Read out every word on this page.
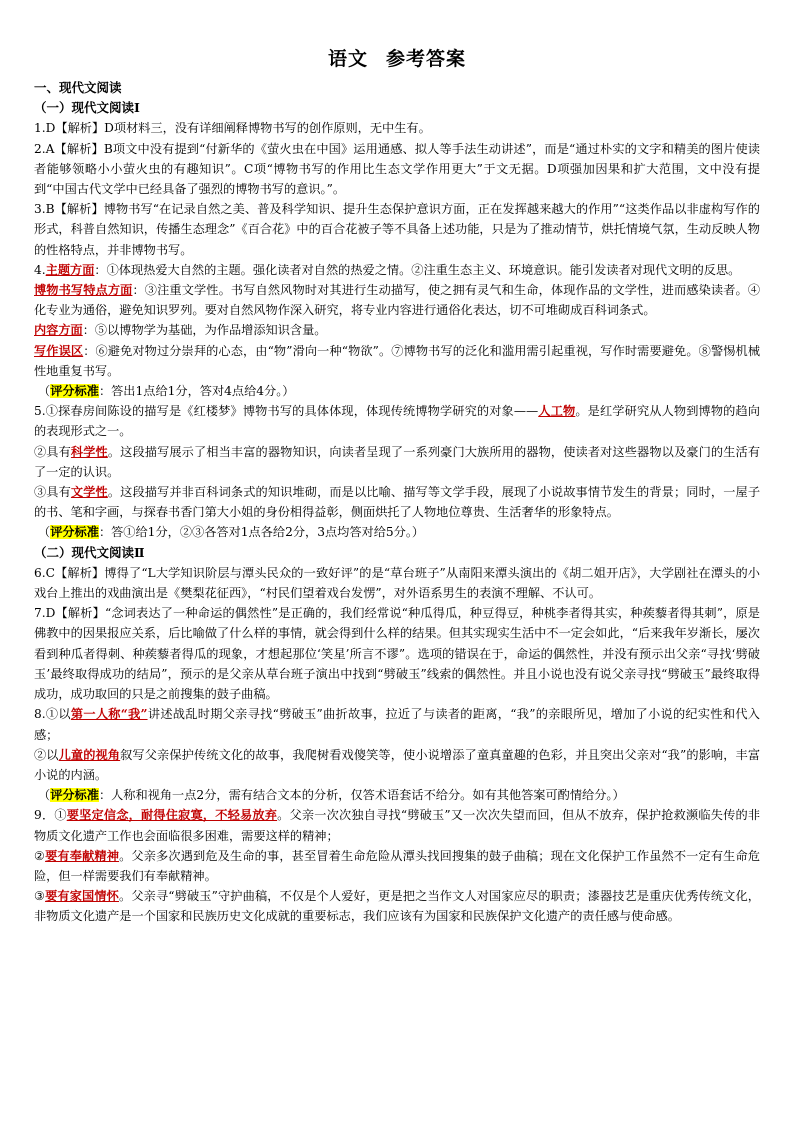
语文 参考答案

一、现代文阅读

（一）现代文阅读Ⅰ

1.D【解析】D项材料三，没有详细阐释博物书写的创作原则，无中生有。

2.A【解析】B项文中没有提到“付新华的《萤火虫在中国》运用通感、拟人等手法生动讲述”，而是“通过朴实的文字和精美的图片使读者能够领略小小萤火虫的有趣知识”。C项“博物书写的作用比生态文学作用更大”于文无据。D项强加因果和扩大范围，文中没有提到“中国古代文学中已经具备了强烈的博物书写的意识。”。

3.B【解析】博物书写“在记录自然之美、普及科学知识、提升生态保护意识方面，正在发挥越来越大的作用”“这类作品以非虚构写作的形式，科普自然知识，传播生态理念”《百合花》中的百合花被子等不具备上述功能，只是为了推动情节，烘托情境气氛，生动反映人物的性格特点，并非博物书写。

4.主题方面：①体现热爱大自然的主题。强化读者对自然的热爱之情。②注重生态主义、环境意识。能引发读者对现代文明的反思。

博物书写特点方面：③注重文学性。书写自然风物时对其进行生动描写，使之拥有灵气和生命，体现作品的文学性，进而感染读者。④化专业为通俗，避免知识罗列。要对自然风物作深入研究，将专业内容进行通俗化表达，切不可堆砌成百科词条式。

内容方面：⑤以博物学为基础，为作品增添知识含量。

写作误区：⑥避免对物过分崇拜的心态，由“物”滑向一种“物欲”。⑦博物书写的泛化和滥用需引起重视，写作时需要避免。⑧警惕机械性地重复书写。

（评分标准：答出1点给1分，答对4点给4分。）

5.①探春房间陈设的描写是《红楼梦》博物书写的具体体现，体现传统博物学研究的对象——人工物。是红学研究从人物到博物的趋向的表现形式之一。

②具有科学性。这段描写展示了相当丰富的器物知识，向读者呈现了一系列豪门大族所用的器物，使读者对这些器物以及豪门的生活有了一定的认识。

③具有文学性。这段描写并非百科词条式的知识堆砌，而是以比喻、描写等文学手段，展现了小说故事情节发生的背景；同时，一屋子的书、笔和字画，与探春书香门第大小姐的身份相得益彰，侧面烘托了人物地位尊贵、生活奢华的形象特点。

（评分标准：答①给1分，②③各答对1点各给2分，3点均答对给5分。）

（二）现代文阅读Ⅱ

6.C【解析】博得了“L大学知识阶层与潭头民众的一致好评”的是“草台班子”从南阳来潭头演出的《胡二姐开店》，大学剧社在潭头的小戏台上推出的戏曲演出是《樊梨花征西》，“村民们望着戏台发愣”，对外语系男生的表演不理解、不认可。

7.D【解析】“念词表达了一种命运的偶然性”是正确的，我们经常说“种瓜得瓜，种豆得豆，种桃李者得其实，种蒺藜者得其刺”，原是佛教中的因果报应关系，后比喻做了什么样的事情，就会得到什么样的结果。但其实现实生活中不一定会如此，“后来我年岁渐长，屡次看到种瓜者得刺、种蒺藜者得瓜的现象，才想起那位‘笑星’所言不谬”。选项的错误在于，命运的偶然性，并没有预示出父亲“寻找‘劈破玉’最终取得成功的结局”，预示的是父亲从草台班子演出中找到“劈破玉”线索的偶然性。并且小说也没有说父亲寻找“劈破玉”最终取得成功，成功取回的只是之前搜集的鼓子曲稿。

8.①以第一人称“我”讲述战乱时期父亲寻找“劈破玉”曲折故事，拉近了与读者的距离，“我”的亲眼所见，增加了小说的纪实性和代入感；

②以儿童的视角叙写父亲保护传统文化的故事，我爬树看戏傻笑等，使小说增添了童真童趣的色彩，并且突出父亲对“我”的影响，丰富小说的内涵。

（评分标准：人称和视角一点2分，需有结合文本的分析，仅答术语套话不给分。如有其他答案可酌情给分。）

9．①要坚定信念，耐得住寂寞，不轻易放弃。父亲一次次独自寻找“劈破玉”又一次次失望而回，但从不放弃，保护抢救濒临失传的非物质文化遗产工作也会面临很多困难，需要这样的精神；

②要有奉献精神。父亲多次遇到危及生命的事，甚至冒着生命危险从潭头找回搜集的鼓子曲稿；现在文化保护工作虽然不一定有生命危险，但一样需要我们有奉献精神。

③要有家国情怀。父亲寻“劈破玉”守护曲稿，不仅是个人爱好，更是把之当作文人对国家应尽的职责；漆器技艺是重庆优秀传统文化，非物质文化遗产是一个国家和民族历史文化成就的重要标志，我们应该有为国家和民族保护文化遗产的责任感与使命感。
